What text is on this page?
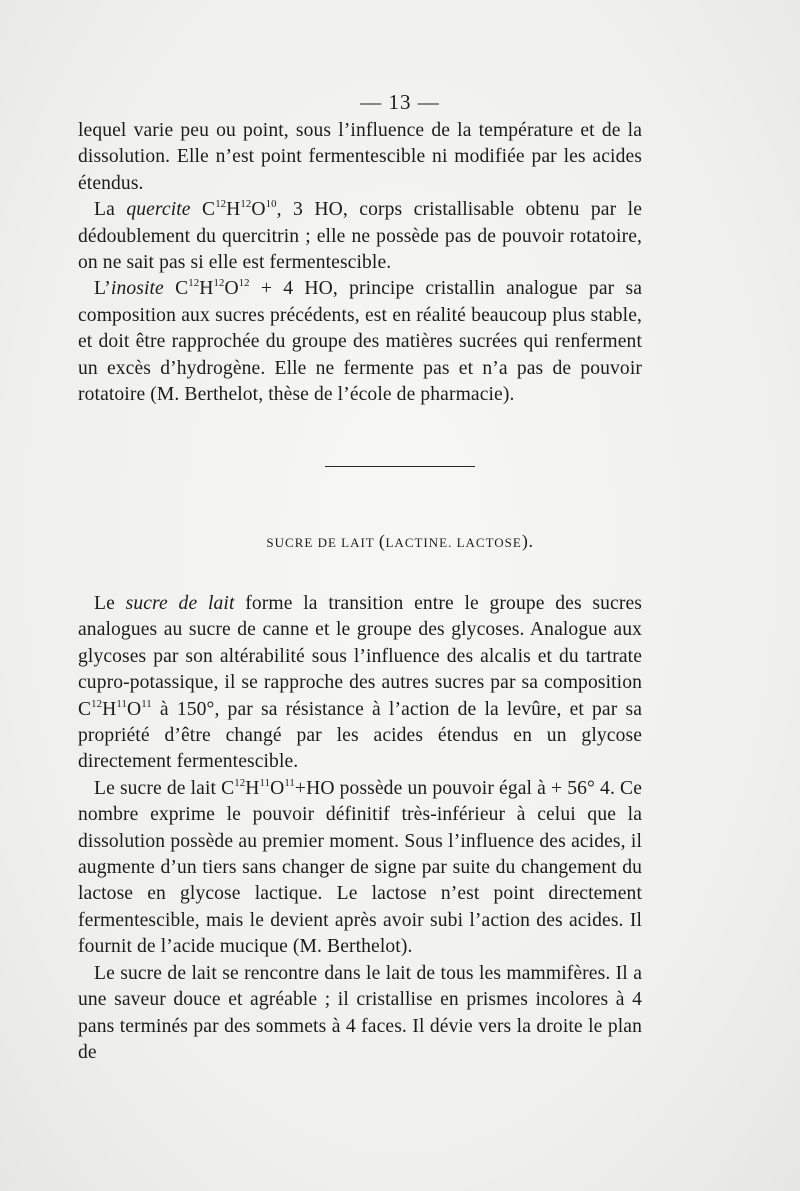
— 13 —

lequel varie peu ou point, sous l’influence de la température et de la dissolution. Elle n’est point fermentescible ni modifiée par les acides étendus.

La quercite $C^{12}H^{12}O^{10}$, 3 HO, corps cristallisable obtenu par le dédoublement du quercitrin ; elle ne possède pas de pouvoir rotatoire, on ne sait pas si elle est fermentescible.

L’inosite $C^{12}H^{12}O^{12} + 4$ HO, principe cristallin analogue par sa composition aux sucres précédents, est en réalité beaucoup plus stable, et doit être rapprochée du groupe des matières sucrées qui renferment un excès d’hydrogène. Elle ne fermente pas et n’a pas de pouvoir rotatoire (M. Berthelot, thèse de l’école de pharmacie).

SUCRE DE LAIT (LACTINE. LACTOSE).

Le sucre de lait forme la transition entre le groupe des sucres analogues au sucre de canne et le groupe des glycoses. Analogue aux glycoses par son altérabilité sous l’influence des alcalis et du tartrate cupro-potassique, il se rapproche des autres sucres par sa composition $C^{12}H^{11}O^{11}$ à 150°, par sa résistance à l’action de la levûre, et par sa propriété d’être changé par les acides étendus en un glycose directement fermentescible.

Le sucre de lait $C^{12}H^{11}O^{11}+HO$ possède un pouvoir égal à + 56° 4. Ce nombre exprime le pouvoir définitif très-inférieur à celui que la dissolution possède au premier moment. Sous l’influence des acides, il augmente d’un tiers sans changer de signe par suite du changement du lactose en glycose lactique. Le lactose n’est point directement fermentescible, mais le devient après avoir subi l’action des acides. Il fournit de l’acide mucique (M. Berthelot).

Le sucre de lait se rencontre dans le lait de tous les mammifères. Il a une saveur douce et agréable ; il cristallise en prismes incolores à 4 pans terminés par des sommets à 4 faces. Il dévie vers la droite le plan de
